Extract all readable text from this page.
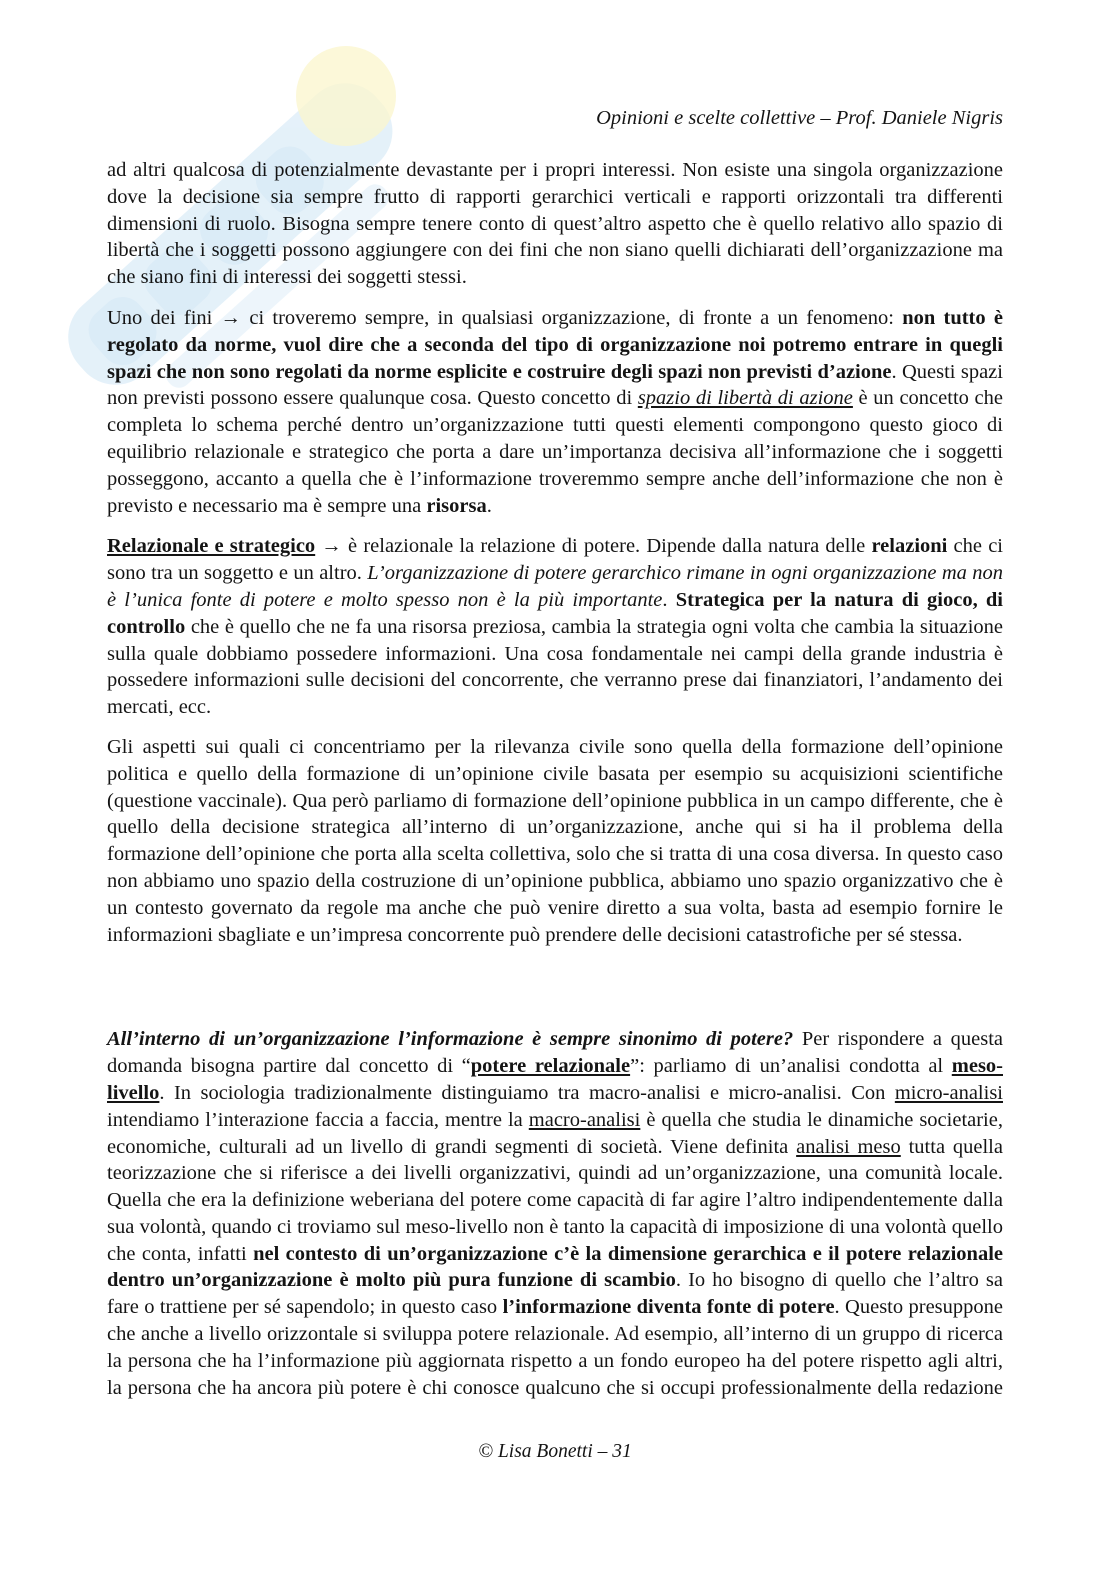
Opinioni e scelte collettive – Prof. Daniele Nigris

ad altri qualcosa di potenzialmente devastante per i propri interessi. Non esiste una singola organizzazione dove la decisione sia sempre frutto di rapporti gerarchici verticali e rapporti orizzontali tra differenti dimensioni di ruolo. Bisogna sempre tenere conto di quest’altro aspetto che è quello relativo allo spazio di libertà che i soggetti possono aggiungere con dei fini che non siano quelli dichiarati dell’organizzazione ma che siano fini di interessi dei soggetti stessi.

Uno dei fini → ci troveremo sempre, in qualsiasi organizzazione, di fronte a un fenomeno: non tutto è regolato da norme, vuol dire che a seconda del tipo di organizzazione noi potremo entrare in quegli spazi che non sono regolati da norme esplicite e costruire degli spazi non previsti d’azione. Questi spazi non previsti possono essere qualunque cosa. Questo concetto di spazio di libertà di azione è un concetto che completa lo schema perché dentro un’organizzazione tutti questi elementi compongono questo gioco di equilibrio relazionale e strategico che porta a dare un’importanza decisiva all’informazione che i soggetti posseggono, accanto a quella che è l’informazione troveremmo sempre anche dell’informazione che non è previsto e necessario ma è sempre una risorsa.

Relazionale e strategico → è relazionale la relazione di potere. Dipende dalla natura delle relazioni che ci sono tra un soggetto e un altro. L’organizzazione di potere gerarchico rimane in ogni organizzazione ma non è l’unica fonte di potere e molto spesso non è la più importante. Strategica per la natura di gioco, di controllo che è quello che ne fa una risorsa preziosa, cambia la strategia ogni volta che cambia la situazione sulla quale dobbiamo possedere informazioni. Una cosa fondamentale nei campi della grande industria è possedere informazioni sulle decisioni del concorrente, che verranno prese dai finanziatori, l’andamento dei mercati, ecc.

Gli aspetti sui quali ci concentriamo per la rilevanza civile sono quella della formazione dell’opinione politica e quello della formazione di un’opinione civile basata per esempio su acquisizioni scientifiche (questione vaccinale). Qua però parliamo di formazione dell’opinione pubblica in un campo differente, che è quello della decisione strategica all’interno di un’organizzazione, anche qui si ha il problema della formazione dell’opinione che porta alla scelta collettiva, solo che si tratta di una cosa diversa. In questo caso non abbiamo uno spazio della costruzione di un’opinione pubblica, abbiamo uno spazio organizzativo che è un contesto governato da regole ma anche che può venire diretto a sua volta, basta ad esempio fornire le informazioni sbagliate e un’impresa concorrente può prendere delle decisioni catastrofiche per sé stessa.

All’interno di un’organizzazione l’informazione è sempre sinonimo di potere? Per rispondere a questa domanda bisogna partire dal concetto di “potere relazionale”: parliamo di un’analisi condotta al meso-livello. In sociologia tradizionalmente distinguiamo tra macro-analisi e micro-analisi. Con micro-analisi intendiamo l’interazione faccia a faccia, mentre la macro-analisi è quella che studia le dinamiche societarie, economiche, culturali ad un livello di grandi segmenti di società. Viene definita analisi meso tutta quella teorizzazione che si riferisce a dei livelli organizzativi, quindi ad un’organizzazione, una comunità locale. Quella che era la definizione weberiana del potere come capacità di far agire l’altro indipendentemente dalla sua volontà, quando ci troviamo sul meso-livello non è tanto la capacità di imposizione di una volontà quello che conta, infatti nel contesto di un’organizzazione c’è la dimensione gerarchica e il potere relazionale dentro un’organizzazione è molto più pura funzione di scambio. Io ho bisogno di quello che l’altro sa fare o trattiene per sé sapendolo; in questo caso l’informazione diventa fonte di potere. Questo presuppone che anche a livello orizzontale si sviluppa potere relazionale. Ad esempio, all’interno di un gruppo di ricerca la persona che ha l’informazione più aggiornata rispetto a un fondo europeo ha del potere rispetto agli altri, la persona che ha ancora più potere è chi conosce qualcuno che si occupi professionalmente della redazione

© Lisa Bonetti – 31
